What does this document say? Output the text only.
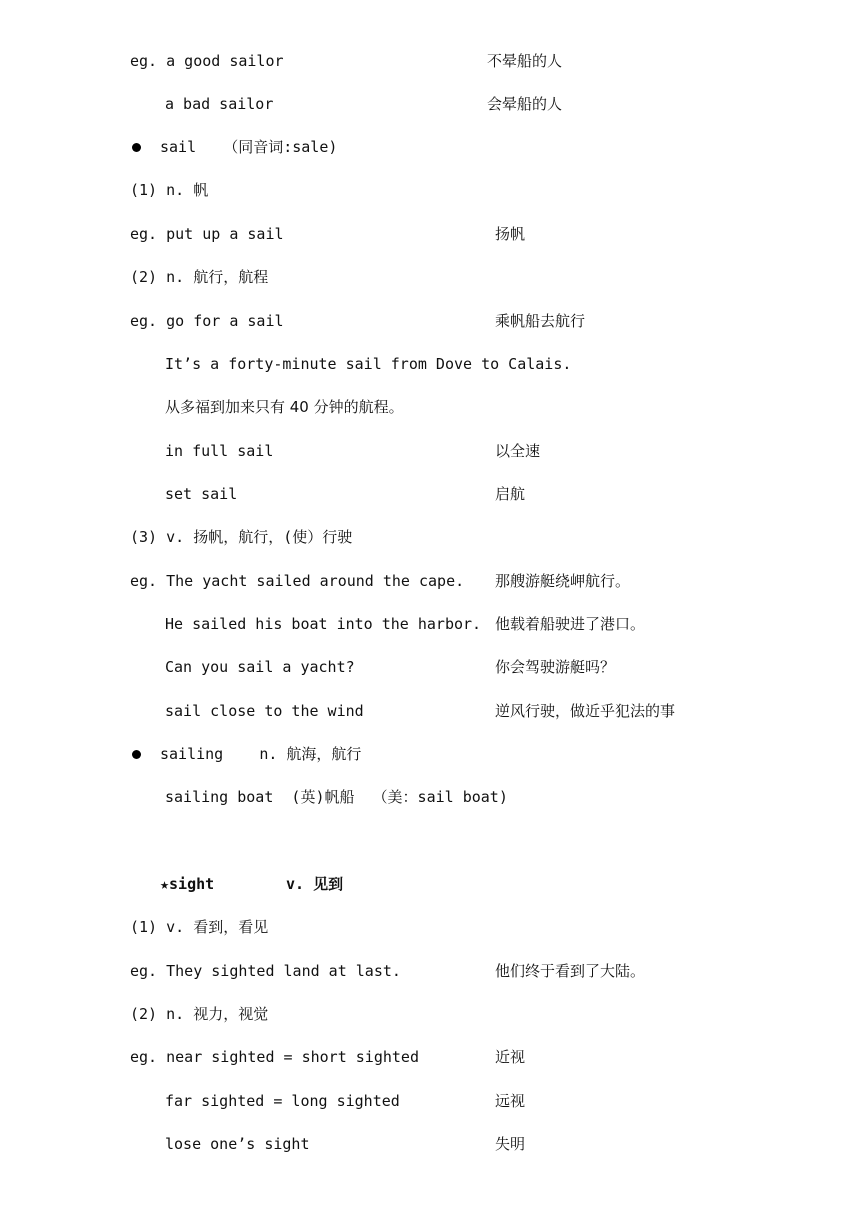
eg. a good sailor	不晕船的人
a bad sailor	会晕船的人
sail   （同音词:sale)
(1) n. 帆
eg. put up a sail	扬帆
(2) n. 航行，航程
eg. go for a sail	乘帆船去航行
It’s a forty-minute sail from Dove to Calais.
从多福到加来只有 40 分钟的航程。
in full sail	以全速
set sail	启航
(3) v. 扬帆，航行，(使）行驶
eg. The yacht sailed around the cape. 那艘游艇绕岬航行。
He sailed his boat into the harbor. 他载着船驶进了港口。
Can you sail a yacht?	你会驾驶游艇吗？
sail close to the wind	逆风行驶，做近乎犯法的事
sailing    n. 航海，航行
sailing boat  (英)帆船  （美：sail boat)
★sight	v. 见到
(1) v. 看到，看见
eg. They sighted land at last.	他们终于看到了大陆。
(2) n. 视力，视觉
eg. near sighted = short sighted	近视
far sighted = long sighted	远视
lose one’s sight	失明
